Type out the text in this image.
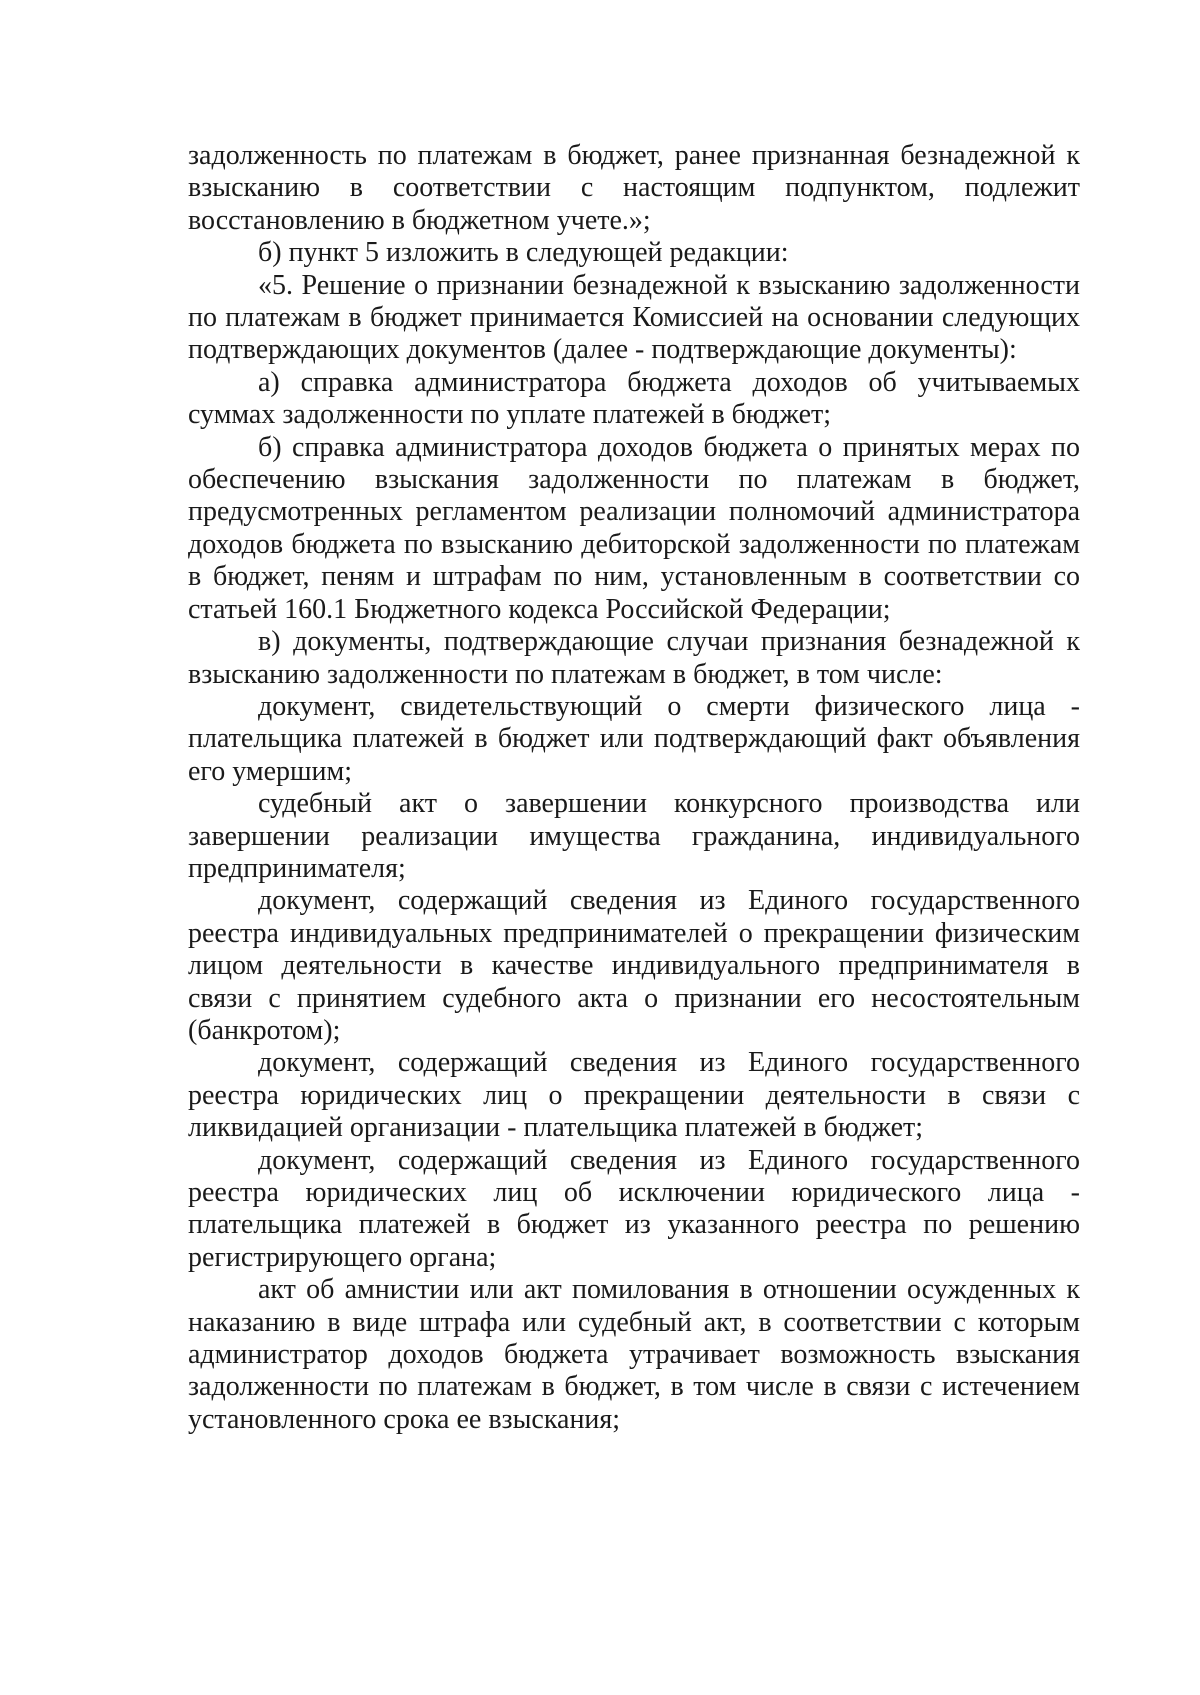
задолженность по платежам в бюджет, ранее признанная безнадежной к взысканию в соответствии с настоящим подпунктом, подлежит восстановлению в бюджетном учете.»;

б) пункт 5 изложить в следующей редакции:

«5. Решение о признании безнадежной к взысканию задолженности по платежам в бюджет принимается Комиссией на основании следующих подтверждающих документов (далее - подтверждающие документы):

а) справка администратора бюджета доходов об учитываемых суммах задолженности по уплате платежей в бюджет;

б) справка администратора доходов бюджета о принятых мерах по обеспечению взыскания задолженности по платежам в бюджет, предусмотренных регламентом реализации полномочий администратора доходов бюджета по взысканию дебиторской задолженности по платежам в бюджет, пеням и штрафам по ним, установленным в соответствии со статьей 160.1 Бюджетного кодекса Российской Федерации;

в) документы, подтверждающие случаи признания безнадежной к взысканию задолженности по платежам в бюджет, в том числе:

документ, свидетельствующий о смерти физического лица - плательщика платежей в бюджет или подтверждающий факт объявления его умершим;

судебный акт о завершении конкурсного производства или завершении реализации имущества гражданина, индивидуального предпринимателя;

документ, содержащий сведения из Единого государственного реестра индивидуальных предпринимателей о прекращении физическим лицом деятельности в качестве индивидуального предпринимателя в связи с принятием судебного акта о признании его несостоятельным (банкротом);

документ, содержащий сведения из Единого государственного реестра юридических лиц о прекращении деятельности в связи с ликвидацией организации - плательщика платежей в бюджет;

документ, содержащий сведения из Единого государственного реестра юридических лиц об исключении юридического лица - плательщика платежей в бюджет из указанного реестра по решению регистрирующего органа;

акт об амнистии или акт помилования в отношении осужденных к наказанию в виде штрафа или судебный акт, в соответствии с которым администратор доходов бюджета утрачивает возможность взыскания задолженности по платежам в бюджет, в том числе в связи с истечением установленного срока ее взыскания;
